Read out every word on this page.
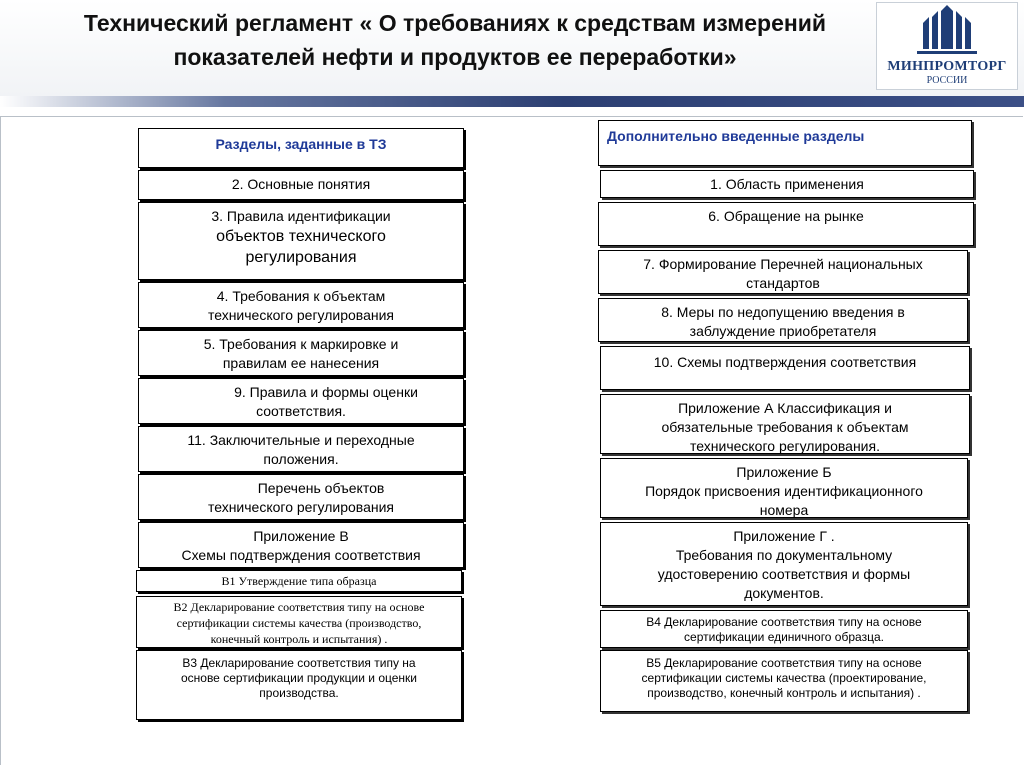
Технический регламент « О требованиях к средствам измерений
показателей нефти и продуктов ее переработки»	МИНПРОМТОРГ
РОССИИ
Разделы, заданные в ТЗ
2. Основные понятия
3. Правила идентификации
объектов технического
регулирования
4. Требования к объектам
технического регулирования
5. Требования к маркировке и
правилам ее нанесения
9. Правила и формы оценки
соответствия.
11. Заключительные и переходные
положения.
Перечень объектов
технического регулирования
Приложение В
Схемы подтверждения соответствия
В1 Утверждение типа образца
В2 Декларирование соответствия типу на основе
сертификации системы качества (производство,
конечный контроль и испытания) .
В3 Декларирование соответствия типу на
основе сертификации продукции и оценки
производства.
Дополнительно введенные разделы
1. Область применения
6. Обращение на рынке
7. Формирование Перечней национальных
стандартов
8. Меры по недопущению введения в
заблуждение приобретателя
10. Схемы подтверждения соответствия
Приложение А Классификация и
обязательные требования к объектам
технического регулирования.
Приложение Б
Порядок присвоения идентификационного
номера
Приложение Г .
Требования по документальному
удостоверению соответствия и формы
документов.
В4 Декларирование соответствия типу на основе
сертификации единичного образца.
В5 Декларирование соответствия типу на основе
сертификации системы качества (проектирование,
производство, конечный контроль и испытания) .
